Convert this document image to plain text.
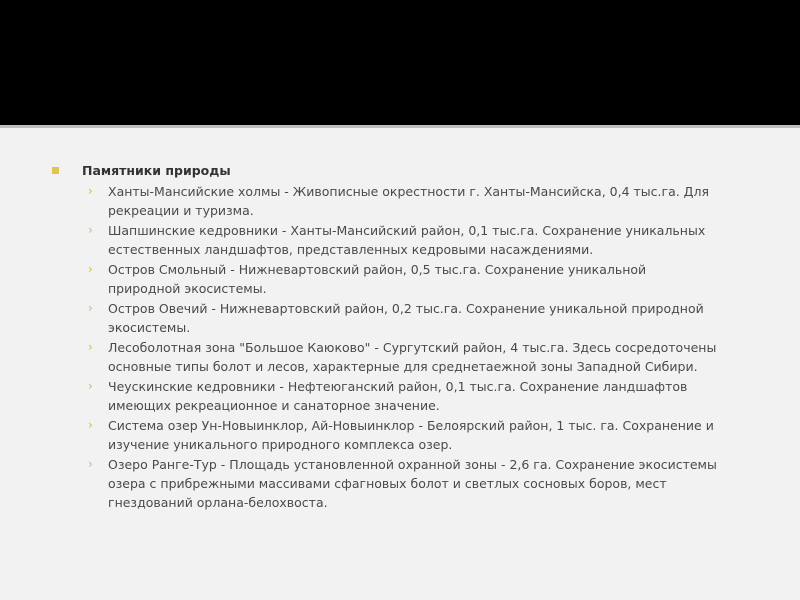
Памятники природы
› Ханты-Мансийские холмы - Живописные окрестности г. Ханты-Мансийска, 0,4 тыс.га. Для рекреации и туризма.
› Шапшинские кедровники - Ханты-Мансийский район, 0,1 тыс.га. Сохранение уникальных естественных ландшафтов, представленных кедровыми насаждениями.
› Остров Смольный - Нижневартовский район, 0,5 тыс.га. Сохранение уникальной природной экосистемы.
› Остров Овечий - Нижневартовский район, 0,2 тыс.га. Сохранение уникальной природной экосистемы.
› Лесоболотная зона "Большое Каюково" - Сургутский район, 4 тыс.га. Здесь сосредоточены основные типы болот и лесов, характерные для среднетаежной зоны Западной Сибири.
› Чеускинские кедровники - Нефтеюганский район, 0,1 тыс.га. Сохранение ландшафтов имеющих рекреационное и санаторное значение.
› Система озер Ун-Новыинклор, Ай-Новыинклор - Белоярский район, 1 тыс. га. Сохранение и изучение уникального природного комплекса озер.
› Озеро Ранге-Тур - Площадь установленной охранной зоны - 2,6 га. Сохранение экосистемы озера с прибрежными массивами сфагновых болот и светлых сосновых боров, мест гнездований орлана-белохвоста.
